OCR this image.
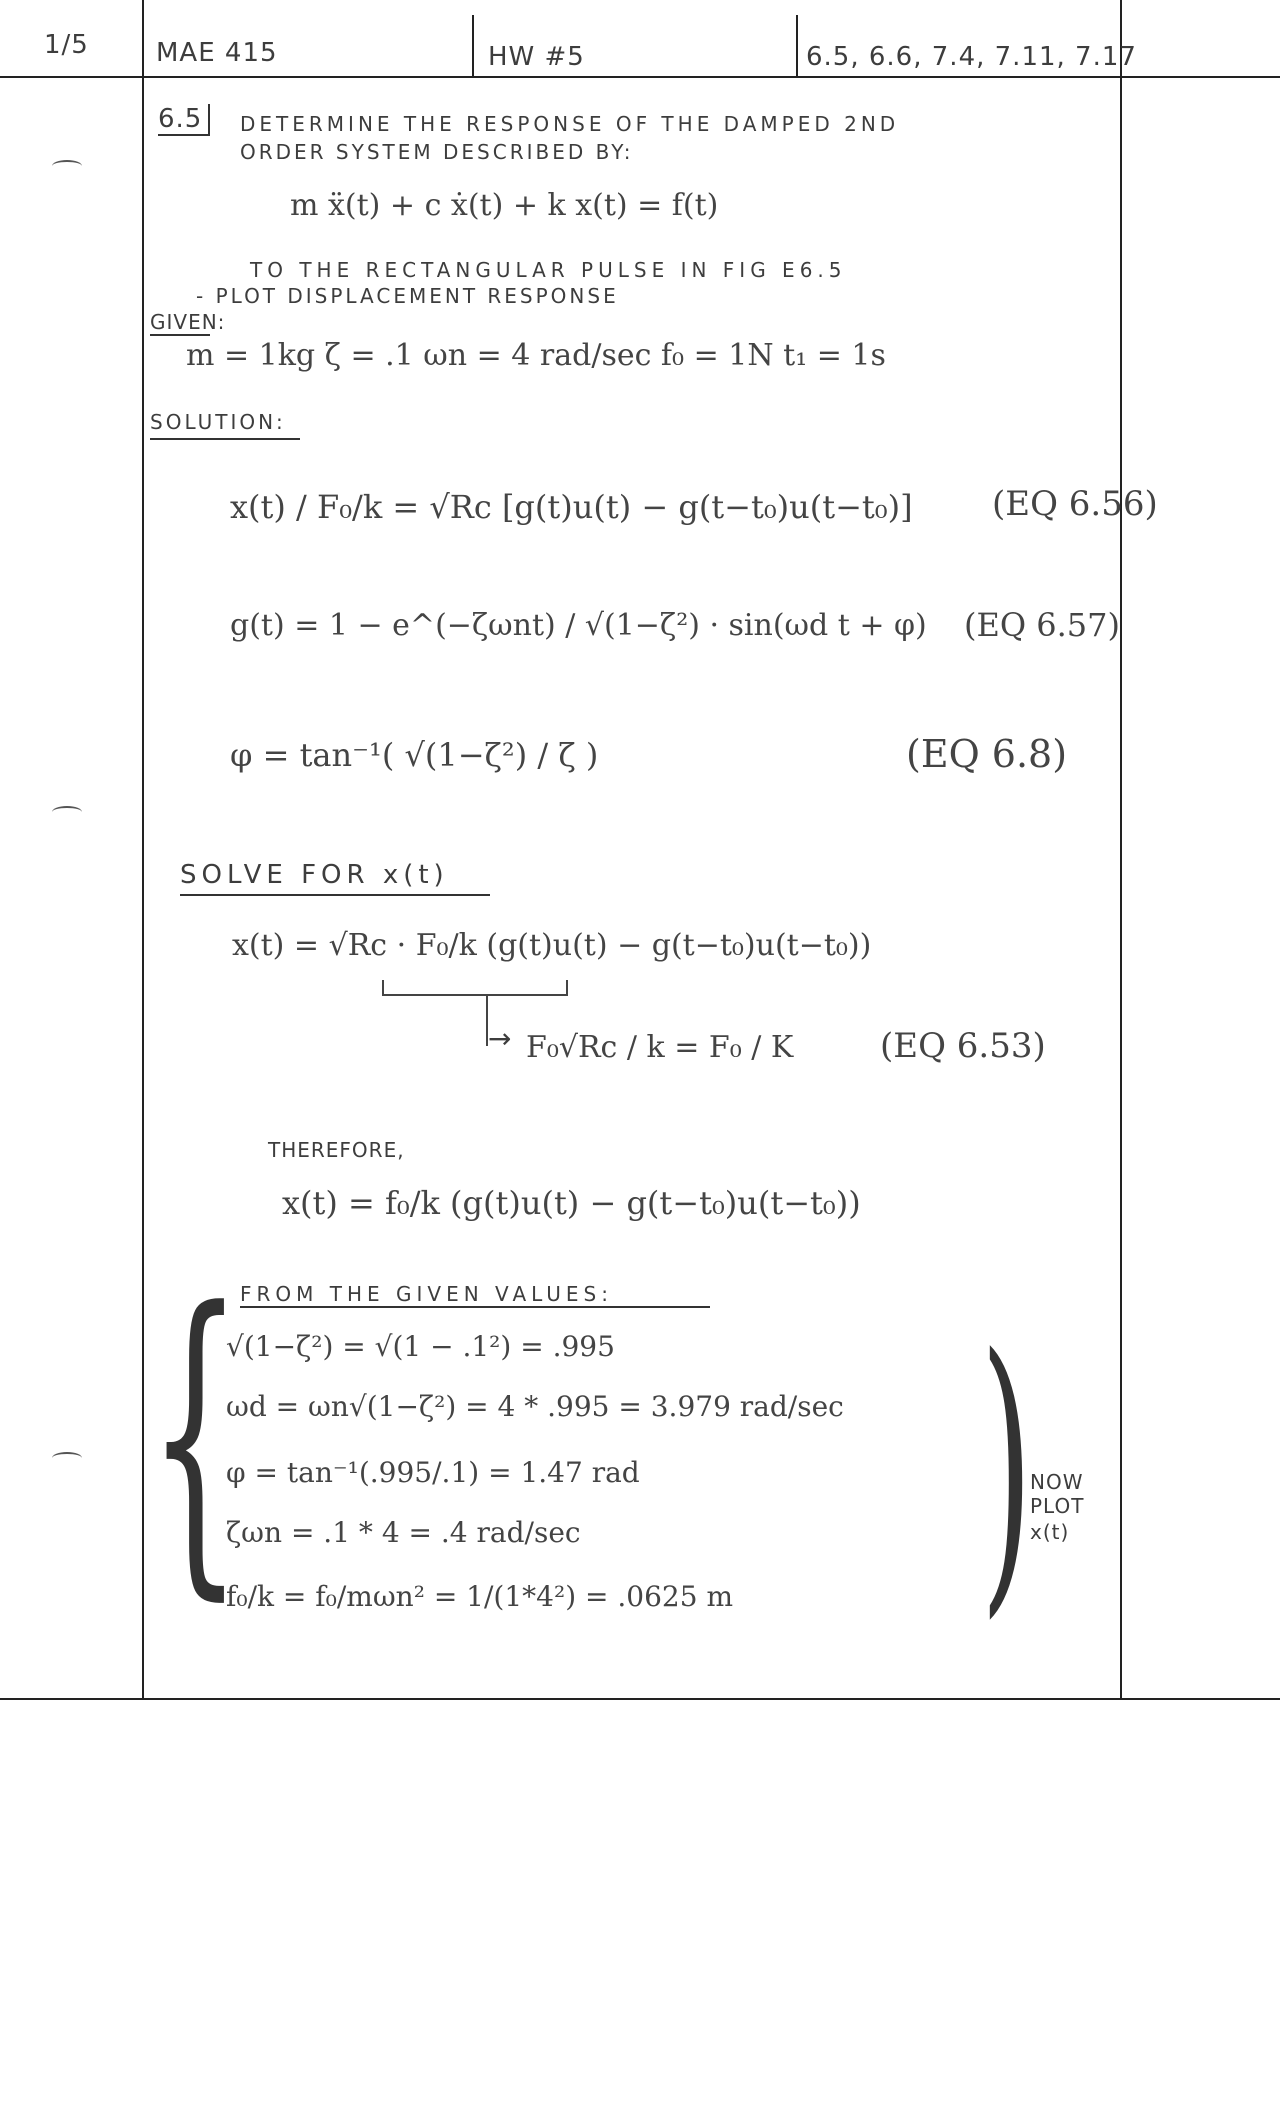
1/5	MAE 415	HW #5	6.5, 6.6, 7.4, 7.11, 7.17
6.5	DETERMINE THE RESPONSE OF THE DAMPED 2ND
ORDER SYSTEM DESCRIBED BY:
m ẍ(t) + c ẋ(t) + k x(t) = f(t)
TO THE RECTANGULAR PULSE IN FIG E6.5
- PLOT DISPLACEMENT RESPONSE
GIVEN:
m = 1kg ζ = .1 ωn = 4 rad/sec f₀ = 1N t₁ = 1s
SOLUTION:
x(t) / F₀/k = √Rc [g(t)u(t) − g(t−t₀)u(t−t₀)] (EQ 6.56)
g(t) = 1 − e^(−ζωnt) / √(1−ζ²) · sin(ωd t + φ) (EQ 6.57)
φ = tan⁻¹( √(1−ζ²) / ζ )	(EQ 6.8)
SOLVE FOR x(t)
x(t) = √Rc · F₀/k (g(t)u(t) − g(t−t₀)u(t−t₀))
→ F₀√Rc / k = F₀ / K	(EQ 6.53)
THEREFORE,
x(t) = f₀/k (g(t)u(t) − g(t−t₀)u(t−t₀))
FROM THE GIVEN VALUES:
{ (
√(1−ζ²) = √(1 − .1²) = .995
ωd = ωn√(1−ζ²) = 4 * .995 = 3.979 rad/sec
φ = tan⁻¹(.995/.1) = 1.47 rad
ζωn = .1 * 4 = .4 rad/sec
f₀/k = f₀/mωn² = 1/(1*4²) = .0625 m
NOW
PLOT
x(t)
